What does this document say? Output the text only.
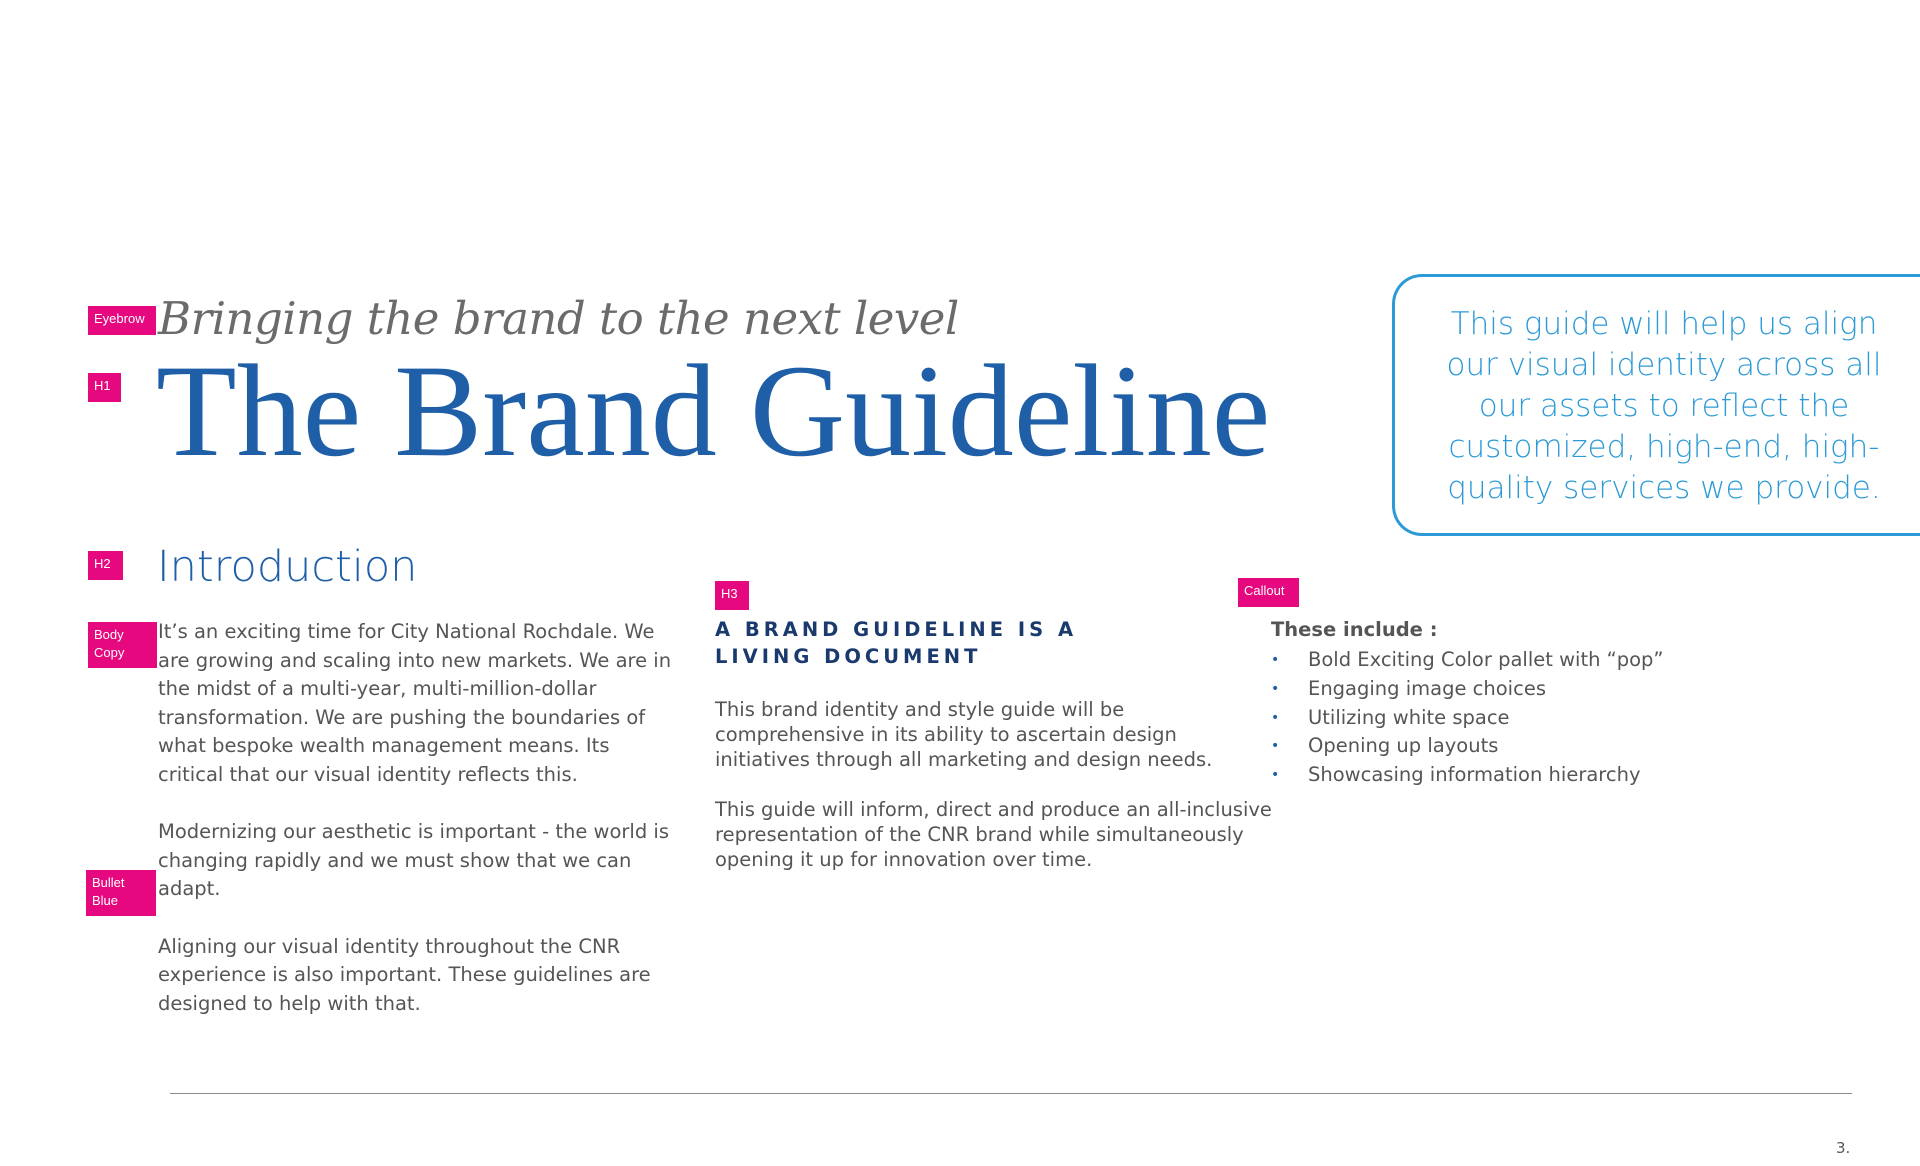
Eyebrow
H1
H2
Body
Copy
Bullet
Blue
H3	Callout
Bringing the brand to the next level
The Brand Guideline
This guide will help us align our visual identity across all our assets to reflect the customized, high-end, high-quality services we provide.
Introduction

It’s an exciting time for City National Rochdale. We are growing and scaling into new markets. We are in the midst of a multi-year, multi-million-dollar transformation. We are pushing the boundaries of what bespoke wealth management means. Its critical that our visual identity reflects this.

Modernizing our aesthetic is important - the world is changing rapidly and we must show that we can adapt.

Aligning our visual identity throughout the CNR experience is also important. These guidelines are designed to help with that.

A BRAND GUIDELINE IS A LIVING DOCUMENT

This brand identity and style guide will be comprehensive in its ability to ascertain design initiatives through all marketing and design needs.

This guide will inform, direct and produce an all-inclusive representation of the CNR brand while simultaneously opening it up for innovation over time.

These include :
• Bold Exciting Color pallet with “pop”
• Engaging image choices
• Utilizing white space
• Opening up layouts
• Showcasing information hierarchy
3.
